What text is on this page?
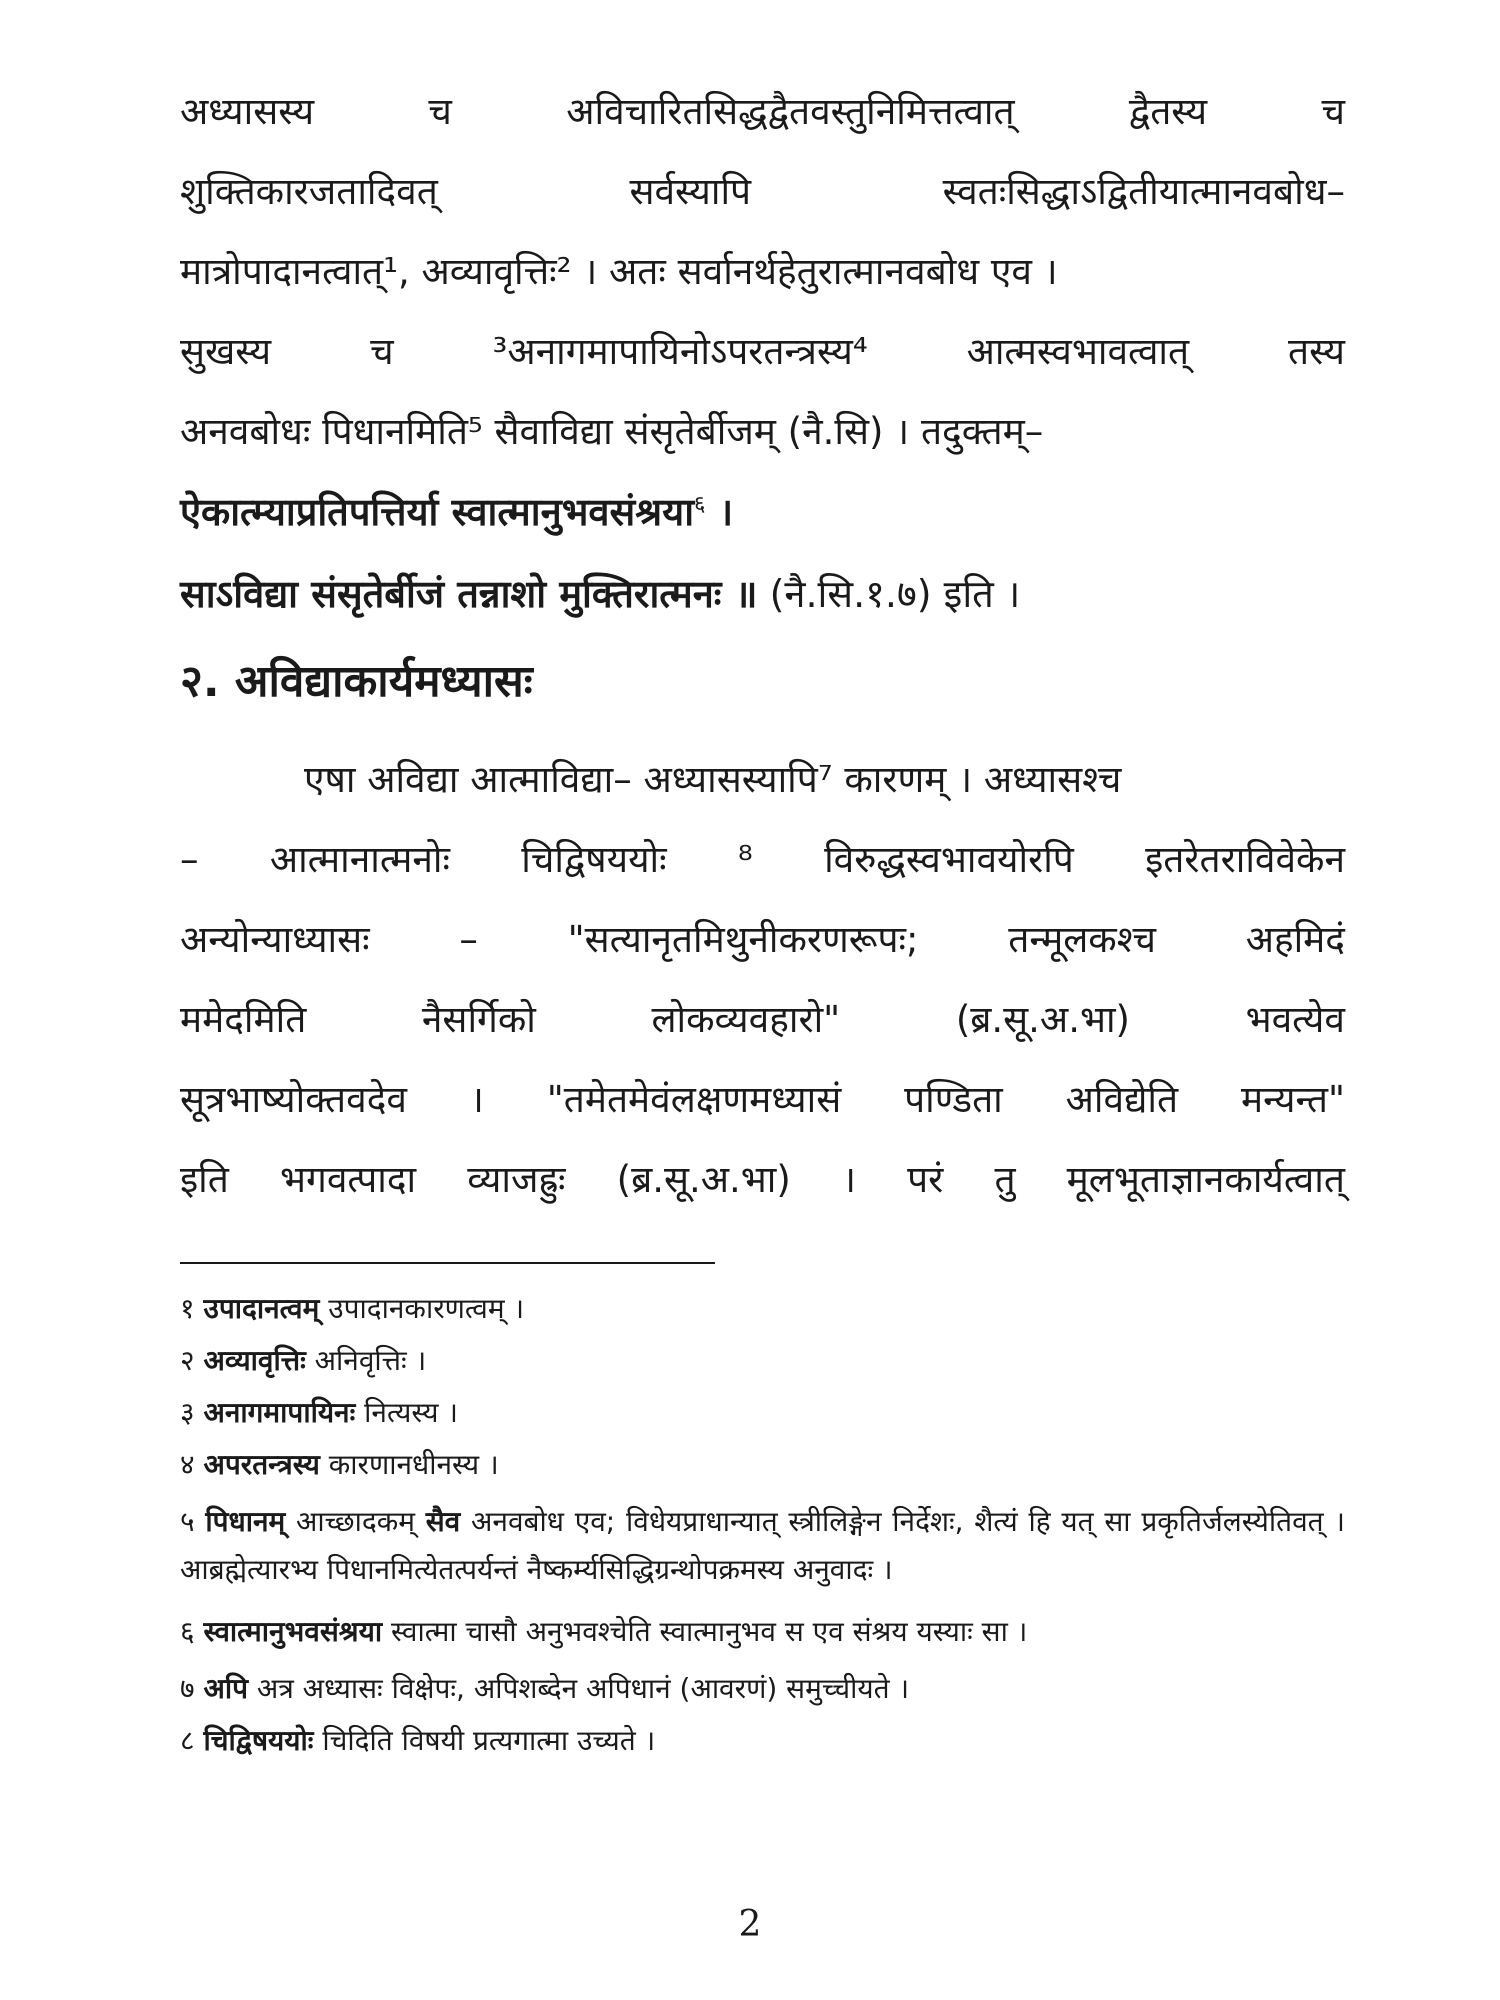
अध्यासस्य	च	अविचारितसिद्धद्वैतवस्तुनिमित्तत्वात्	द्वैतस्य	च
शुक्तिकारजतादिवत्	सर्वस्यापि	स्वतःसिद्धाऽद्वितीयात्मानवबोध–
मात्रोपादानत्वात्¹, अव्यावृत्तिः² । अतः सर्वानर्थहेतुरात्मानवबोध एव ।
सुखस्य	च	³अनागमापायिनोऽपरतन्त्रस्य⁴	आत्मस्वभावत्वात्	तस्य
अनवबोधः पिधानमिति⁵ सैवाविद्या संसृतेर्बीजम् (नै.सि) । तदुक्तम्–
ऐकात्म्याप्रतिपत्तिर्या स्वात्मानुभवसंश्रया$^६$ ।
साऽविद्या संसृतेर्बीजं तन्नाशो मुक्तिरात्मनः ॥ (नै.सि.१.७) इति ।
२. अविद्याकार्यमध्यासः
एषा अविद्या आत्माविद्या– अध्यासस्यापि⁷ कारणम् । अध्यासश्च
– आत्मानात्मनोः चिद्विषययोः ⁸ विरुद्धस्वभावयोरपि इतरेतराविवेकेन
अन्योन्याध्यासः – "सत्यानृतमिथुनीकरणरूपः; तन्मूलकश्च अहमिदं
ममेदमिति	नैसर्गिको	लोकव्यवहारो"	(ब्र.सू.अ.भा)	भवत्येव
सूत्रभाष्योक्तवदेव । "तमेतमेवंलक्षणमध्यासं पण्डिता अविद्येति मन्यन्त"
इति भगवत्पादा व्याजह्रुः (ब्र.सू.अ.भा) । परं तु मूलभूताज्ञानकार्यत्वात्
१ उपादानत्वम् उपादानकारणत्वम् ।
२ अव्यावृत्तिः अनिवृत्तिः ।
३ अनागमापायिनः नित्यस्य ।
४ अपरतन्त्रस्य कारणानधीनस्य ।
५ पिधानम् आच्छादकम् सैव अनवबोध एव; विधेयप्राधान्यात् स्त्रीलिङ्गेन निर्देशः, शैत्यं हि यत् सा प्रकृतिर्जलस्येतिवत् । आब्रह्मेत्यारभ्य पिधानमित्येतत्पर्यन्तं नैष्कर्म्यसिद्धिग्रन्थोपक्रमस्य अनुवादः ।
६ स्वात्मानुभवसंश्रया स्वात्मा चासौ अनुभवश्चेति स्वात्मानुभव स एव संश्रय यस्याः सा ।
७ अपि अत्र अध्यासः विक्षेपः, अपिशब्देन अपिधानं (आवरणं) समुच्चीयते ।
८ चिद्विषययोः चिदिति विषयी प्रत्यगात्मा उच्यते ।
2
